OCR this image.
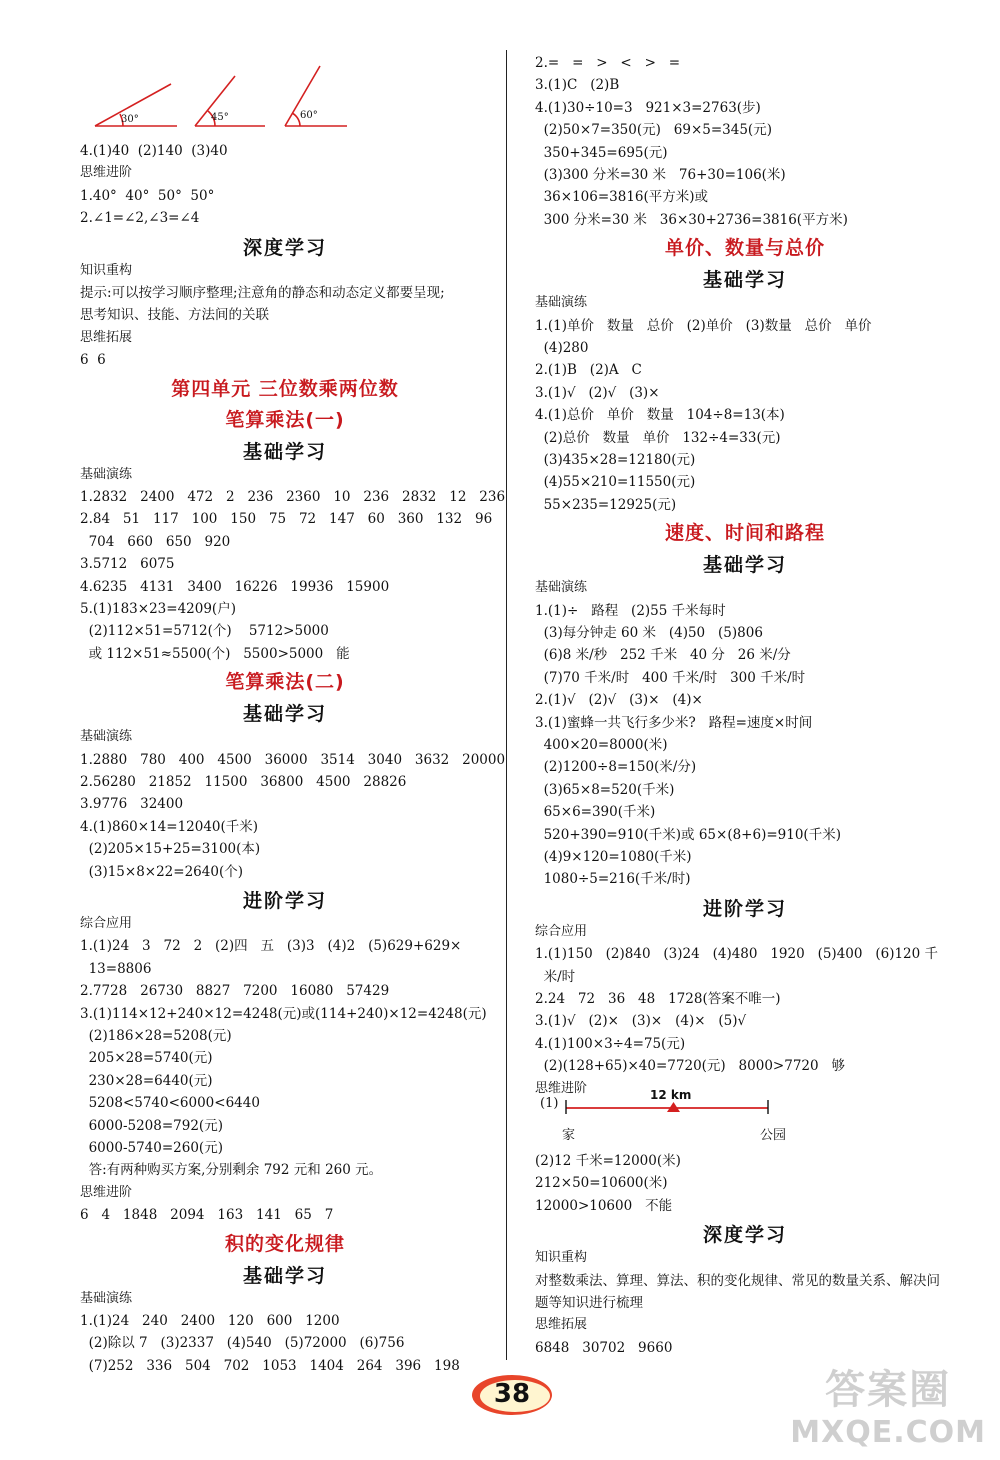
30°	45°	60°
4.(1)40  (2)140  (3)40
思维进阶
1.40°  40°  50°  50°
2.∠1=∠2,∠3=∠4
深度学习
知识重构
提示:可以按学习顺序整理;注意角的静态和动态定义都要呈现;
思考知识、技能、方法间的关联
思维拓展
6  6
第四单元 三位数乘两位数
笔算乘法(一)
基础学习
基础演练
1.2832   2400   472   2   236   2360   10   236   2832   12   236
2.84   51   117   100   150   75   72   147   60   360   132   96
704   660   650   920
3.5712   6075
4.6235   4131   3400   16226   19936   15900
5.(1)183×23=4209(户)
(2)112×51=5712(个)    5712>5000
或 112×51≈5500(个)   5500>5000   能
笔算乘法(二)
基础学习
基础演练
1.2880   780   400   4500   36000   3514   3040   3632   20000
2.56280   21852   11500   36800   4500   28826
3.9776   32400
4.(1)860×14=12040(千米)
(2)205×15+25=3100(本)
(3)15×8×22=2640(个)
进阶学习
综合应用
1.(1)24   3   72   2   (2)四   五   (3)3   (4)2   (5)629+629×
13=8806
2.7728   26730   8827   7200   16080   57429
3.(1)114×12+240×12=4248(元)或(114+240)×12=4248(元)
(2)186×28=5208(元)
205×28=5740(元)
230×28=6440(元)
5208<5740<6000<6440
6000-5208=792(元)
6000-5740=260(元)
答:有两种购买方案,分别剩余 792 元和 260 元。
思维进阶
6   4   1848   2094   163   141   65   7
积的变化规律
基础学习
基础演练
1.(1)24   240   2400   120   600   1200
(2)除以 7   (3)2337   (4)540   (5)72000   (6)756
(7)252   336   504   702   1053   1404   264   396   198
2.=   =   >   <   >   =
3.(1)C   (2)B
4.(1)30÷10=3   921×3=2763(步)
(2)50×7=350(元)   69×5=345(元)
350+345=695(元)
(3)300 分米=30 米   76+30=106(米)
36×106=3816(平方米)或
300 分米=30 米   36×30+2736=3816(平方米)
单价、数量与总价
基础学习
基础演练
1.(1)单价   数量   总价   (2)单价   (3)数量   总价   单价
(4)280
2.(1)B   (2)A   C
3.(1)√   (2)√   (3)×
4.(1)总价   单价   数量   104÷8=13(本)
(2)总价   数量   单价   132÷4=33(元)
(3)435×28=12180(元)
(4)55×210=11550(元)
55×235=12925(元)
速度、时间和路程
基础学习
基础演练
1.(1)÷   路程   (2)55 千米每时
(3)每分钟走 60 米   (4)50   (5)806
(6)8 米/秒   252 千米   40 分   26 米/分
(7)70 千米/时   400 千米/时   300 千米/时
2.(1)√   (2)√   (3)×   (4)×
3.(1)蜜蜂一共飞行多少米?   路程=速度×时间
400×20=8000(米)
(2)1200÷8=150(米/分)
(3)65×8=520(千米)
65×6=390(千米)
520+390=910(千米)或 65×(8+6)=910(千米)
(4)9×120=1080(千米)
1080÷5=216(千米/时)
进阶学习
综合应用
1.(1)150   (2)840   (3)24   (4)480   1920   (5)400   (6)120 千
米/时
2.24   72   36   48   1728(答案不唯一)
3.(1)√   (2)×   (3)×   (4)×   (5)√
4.(1)100×3÷4=75(元)
(2)(128+65)×40=7720(元)   8000>7720   够
思维进阶
(2)12 千米=12000(米)
212×50=10600(米)
12000>10600   不能
深度学习
知识重构
对整数乘法、算理、算法、积的变化规律、常见的数量关系、解决问
题等知识进行梳理
思维拓展
6848   30702   9660
(1)
12 km
家	公园
38	答案圈
MXQE.COM
